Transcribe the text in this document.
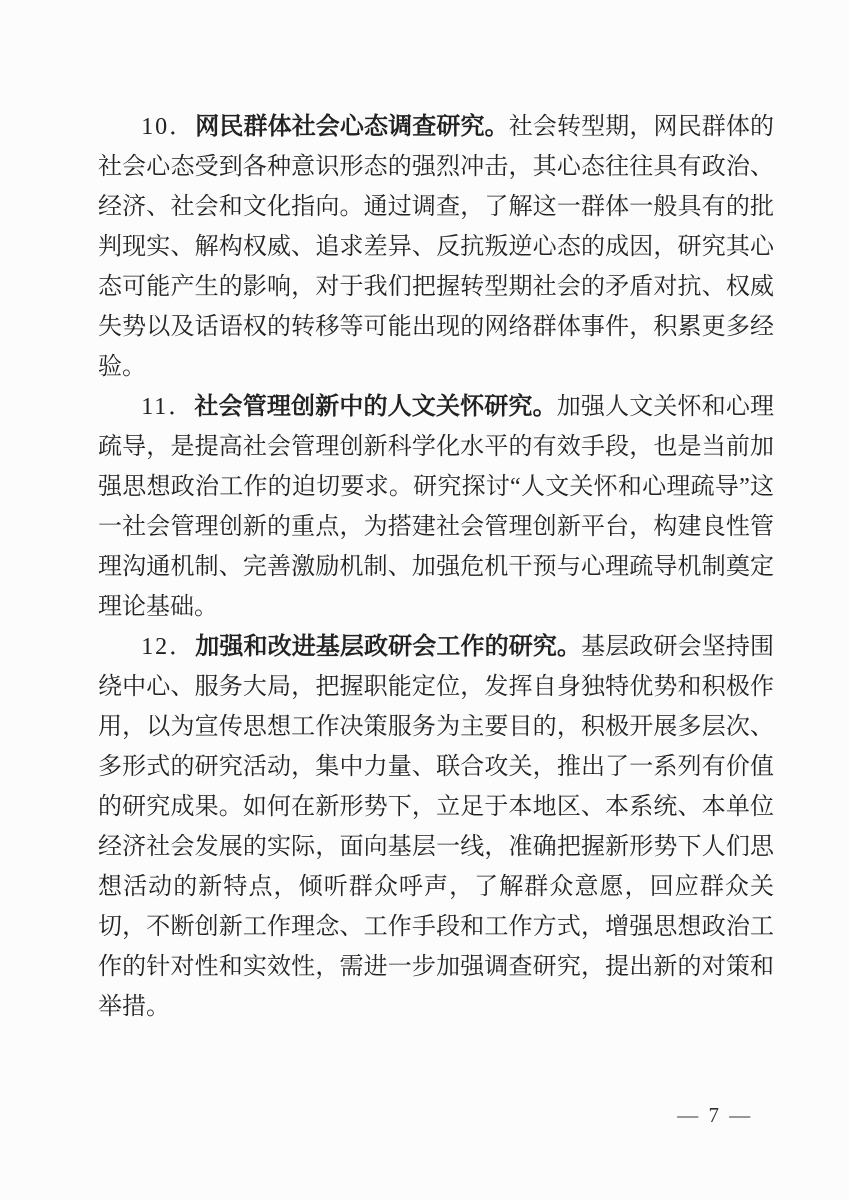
10．网民群体社会心态调查研究。社会转型期，网民群体的社会心态受到各种意识形态的强烈冲击，其心态往往具有政治、经济、社会和文化指向。通过调查，了解这一群体一般具有的批判现实、解构权威、追求差异、反抗叛逆心态的成因，研究其心态可能产生的影响，对于我们把握转型期社会的矛盾对抗、权威失势以及话语权的转移等可能出现的网络群体事件，积累更多经验。

11．社会管理创新中的人文关怀研究。加强人文关怀和心理疏导，是提高社会管理创新科学化水平的有效手段，也是当前加强思想政治工作的迫切要求。研究探讨“人文关怀和心理疏导”这一社会管理创新的重点，为搭建社会管理创新平台，构建良性管理沟通机制、完善激励机制、加强危机干预与心理疏导机制奠定理论基础。

12．加强和改进基层政研会工作的研究。基层政研会坚持围绕中心、服务大局，把握职能定位，发挥自身独特优势和积极作用，以为宣传思想工作决策服务为主要目的，积极开展多层次、多形式的研究活动，集中力量、联合攻关，推出了一系列有价值的研究成果。如何在新形势下，立足于本地区、本系统、本单位经济社会发展的实际，面向基层一线，准确把握新形势下人们思想活动的新特点，倾听群众呼声，了解群众意愿，回应群众关切，不断创新工作理念、工作手段和工作方式，增强思想政治工作的针对性和实效性，需进一步加强调查研究，提出新的对策和举措。

— 7 —
